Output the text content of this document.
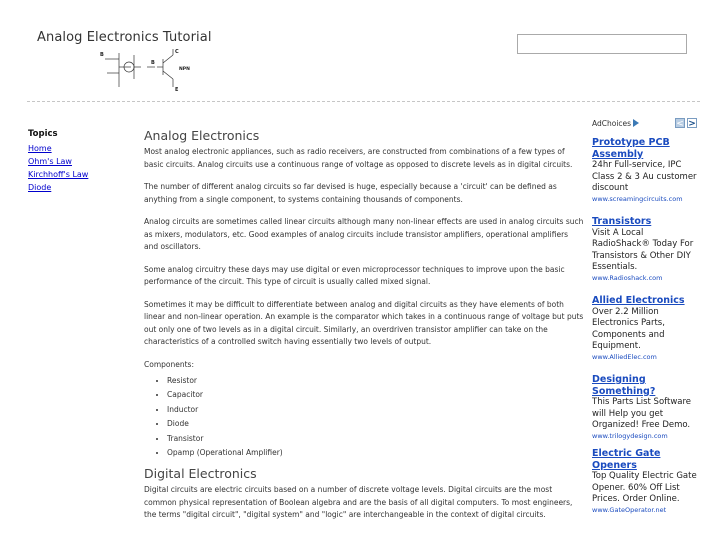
Analog Electronics Tutorial
B	C
B
NPN
E
Topics
Home
Ohm's Law
Kirchhoff's Law
Diode
Analog Electronics

Most analog electronic appliances, such as radio receivers, are constructed from combinations of a few types of basic circuits. Analog circuits use a continuous range of voltage as opposed to discrete levels as in digital circuits.

The number of different analog circuits so far devised is huge, especially because a 'circuit' can be defined as anything from a single component, to systems containing thousands of components.

Analog circuits are sometimes called linear circuits although many non-linear effects are used in analog circuits such as mixers, modulators, etc. Good examples of analog circuits include transistor amplifiers, operational amplifiers and oscillators.

Some analog circuitry these days may use digital or even microprocessor techniques to improve upon the basic performance of the circuit. This type of circuit is usually called mixed signal.

Sometimes it may be difficult to differentiate between analog and digital circuits as they have elements of both linear and non-linear operation. An example is the comparator which takes in a continuous range of voltage but puts out only one of two levels as in a digital circuit. Similarly, an overdriven transistor amplifier can take on the characteristics of a controlled switch having essentially two levels of output.

Components:

• Resistor
• Capacitor
• Inductor
• Diode
• Transistor
• Opamp (Operational Amplifier)
Digital Electronics

Digital circuits are electric circuits based on a number of discrete voltage levels. Digital circuits are the most common physical representation of Boolean algebra and are the basis of all digital computers. To most engineers, the terms "digital circuit", "digital system" and "logic" are interchangeable in the context of digital circuits.

AdChoices	< >
Prototype PCB Assembly
24hr Full-service, IPC Class 2 & 3 Au customer discount
www.screamingcircuits.com
Transistors
Visit A Local RadioShack® Today For Transistors & Other DIY Essentials.
www.Radioshack.com
Allied Electronics
Over 2.2 Million Electronics Parts, Components and Equipment.
www.AlliedElec.com
Designing Something?
This Parts List Software will Help you get Organized! Free Demo.
www.trilogydesign.com
Electric Gate Openers
Top Quality Electric Gate Opener. 60% Off List Prices. Order Online.
www.GateOperator.net
